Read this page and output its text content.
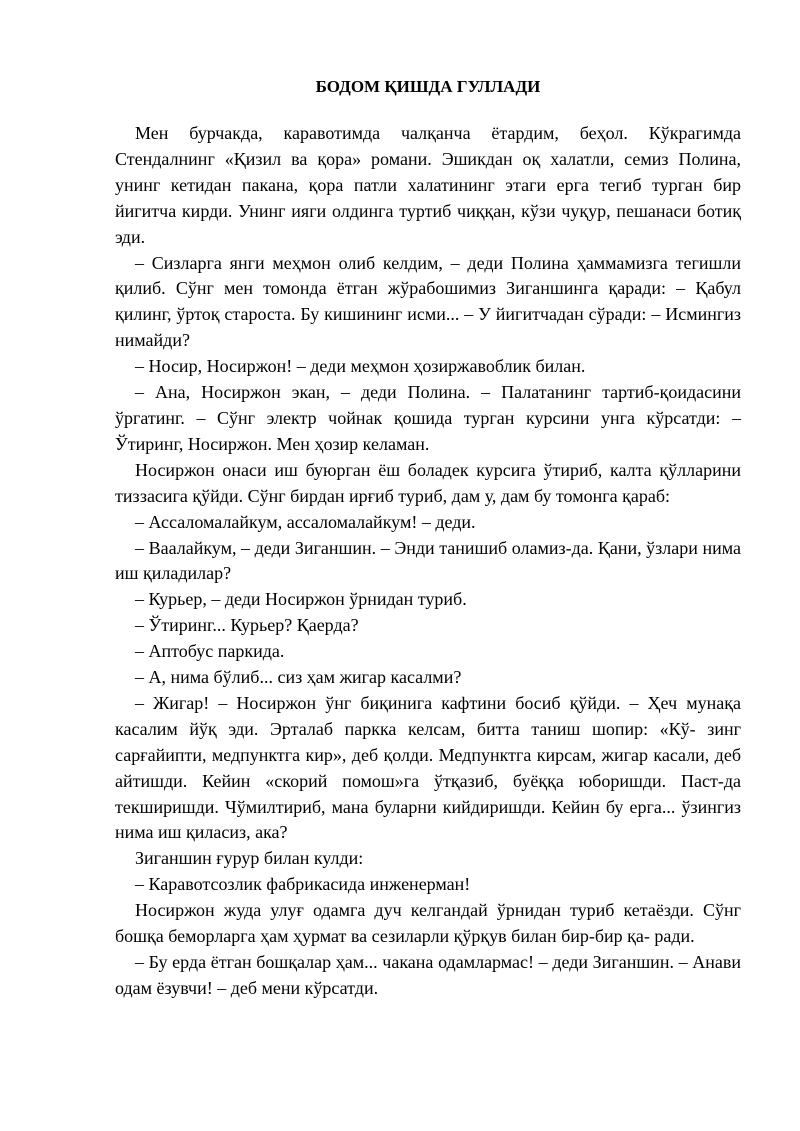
БОДОМ ҚИШДА ГУЛЛАДИ

Мен бурчакда, каравотимда чалқанча ётардим, беҳол. Кўкрагимда Стендалнинг «Қизил ва қора» романи. Эшикдан оқ халатли, семиз Полина, унинг кетидан пакана, қора патли халатининг этаги ерга тегиб турган бир йигитча кирди. Унинг ияги олдинга туртиб чиққан, кўзи чуқур, пешанаси ботиқ эди.

– Сизларга янги меҳмон олиб келдим, – деди Полина ҳаммамизга тегишли қилиб. Сўнг мен томонда ётган жўрабошимиз Зиганшинга қаради: – Қабул қилинг, ўртоқ староста. Бу кишининг исми... – У йигитчадан сўради: – Исмингиз нимайди?

– Носир, Носиржон! – деди меҳмон ҳозиржавоблик билан.

– Ана, Носиржон экан, – деди Полина. – Палатанинг тартиб-қоидасини ўргатинг. – Сўнг электр чойнак қошида турган курсини унга кўрсатди: – Ўтиринг, Носиржон. Мен ҳозир келаман.

Носиржон онаси иш буюрган ёш боладек курсига ўтириб, калта қўлларини тиззасига қўйди. Сўнг бирдан ирғиб туриб, дам у, дам бу томонга қараб:

– Ассаломалайкум, ассаломалайкум! – деди.

– Ваалайкум, – деди Зиганшин. – Энди танишиб оламиз-да. Қани, ўзлари нима иш қиладилар?

– Курьер, – деди Носиржон ўрнидан туриб.

– Ўтиринг... Курьер? Қаерда?

– Аптобус паркида.

– А, нима бўлиб... сиз ҳам жигар касалми?

– Жигар! – Носиржон ўнг биқинига кафтини босиб қўйди. – Ҳеч мунақа касалим йўқ эди. Эрталаб паркка келсам, битта таниш шопир: «Кў- зинг сарғайипти, медпунктга кир», деб қолди. Медпунктга кирсам, жигар касали, деб айтишди. Кейин «скорий помош»га ўтқазиб, буёққа юборишди. Паст-да текширишди. Чўмилтириб, мана буларни кийдиришди. Кейин бу ерга... ўзингиз нима иш қиласиз, ака?

Зиганшин ғурур билан кулди:

– Каравотсозлик фабрикасида инженерман!

Носиржон жуда улуғ одамга дуч келгандай ўрнидан туриб кетаёзди. Сўнг бошқа беморларга ҳам ҳурмат ва сезиларли қўрқув билан бир-бир қа- ради.

– Бу ерда ётган бошқалар ҳам... чакана одамлармас! – деди Зиганшин. – Анави одам ёзувчи! – деб мени кўрсатди.
